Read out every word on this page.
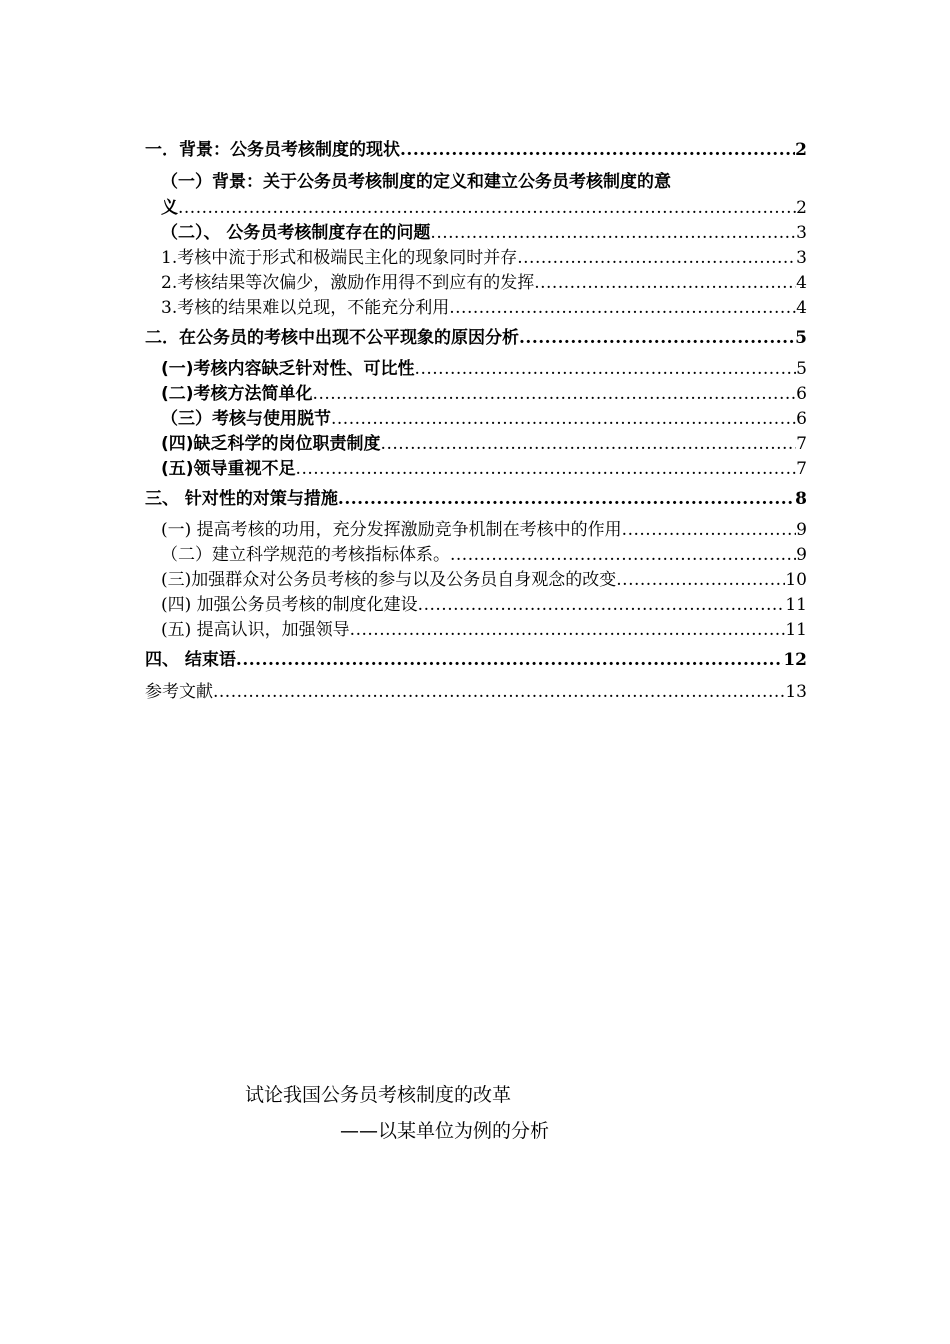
一．背景：公务员考核制度的现状 .....	2
（一）背景：关于公务员考核制度的定义和建立公务员考核制度的意
义 .....	2
（二）、 公务员考核制度存在的问题 .....	3
1.考核中流于形式和极端民主化的现象同时并存 .....	3
2.考核结果等次偏少，激励作用得不到应有的发挥 .....	4
3.考核的结果难以兑现，不能充分利用 .....	4
二．在公务员的考核中出现不公平现象的原因分析 .....	5
(一)考核内容缺乏针对性、可比性 .....	5
(二)考核方法简单化 .....	6
（三）考核与使用脱节 .....	6
(四)缺乏科学的岗位职责制度 .....	7
(五)领导重视不足 .....	7
三、 针对性的对策与措施 .....	8
(一) 提高考核的功用，充分发挥激励竞争机制在考核中的作用 .....	9
（二）建立科学规范的考核指标体系。 .....	9
(三)加强群众对公务员考核的参与以及公务员自身观念的改变 .....	10
(四) 加强公务员考核的制度化建设 .....	11
(五) 提高认识，加强领导 .....	11
四、 结束语 .....	12
参考文献 .....	13
试论我国公务员考核制度的改革
——以某单位为例的分析
